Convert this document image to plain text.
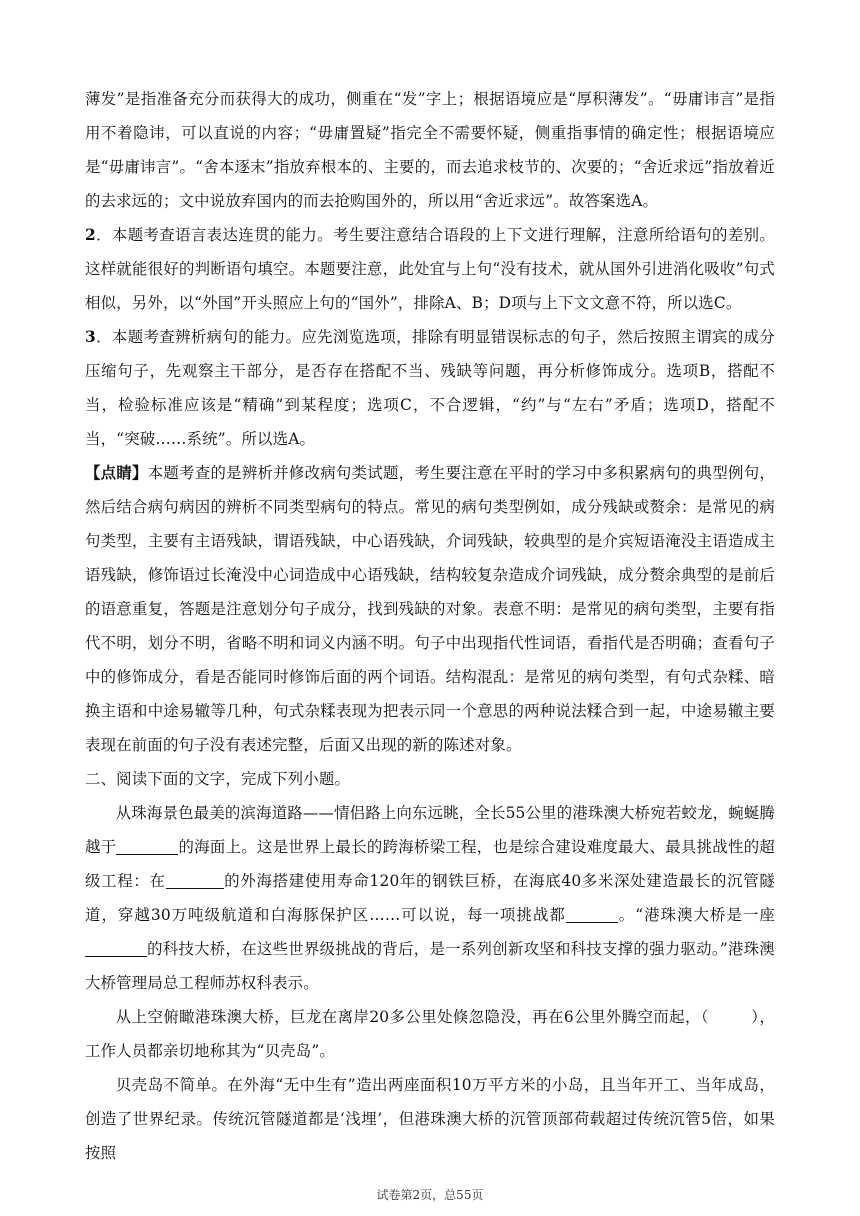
薄发”是指准备充分而获得大的成功，侧重在“发”字上；根据语境应是“厚积薄发”。“毋庸讳言”是指用不着隐讳，可以直说的内容；“毋庸置疑”指完全不需要怀疑，侧重指事情的确定性；根据语境应是“毋庸讳言”。“舍本逐末”指放弃根本的、主要的，而去追求枝节的、次要的；“舍近求远”指放着近的去求远的；文中说放弃国内的而去抢购国外的，所以用“舍近求远”。故答案选A。

2．本题考查语言表达连贯的能力。考生要注意结合语段的上下文进行理解，注意所给语句的差别。这样就能很好的判断语句填空。本题要注意，此处宜与上句“没有技术，就从国外引进消化吸收”句式相似，另外，以“外国”开头照应上句的“国外”，排除A、B；D项与上下文文意不符，所以选C。

3．本题考查辨析病句的能力。应先浏览选项，排除有明显错误标志的句子，然后按照主谓宾的成分压缩句子，先观察主干部分，是否存在搭配不当、残缺等问题，再分析修饰成分。选项B，搭配不当，检验标准应该是“精确”到某程度；选项C，不合逻辑，“约”与“左右”矛盾；选项D，搭配不当，“突破……系统”。所以选A。

【点睛】本题考查的是辨析并修改病句类试题，考生要注意在平时的学习中多积累病句的典型例句，然后结合病句病因的辨析不同类型病句的特点。常见的病句类型例如，成分残缺或赘余：是常见的病句类型，主要有主语残缺，谓语残缺，中心语残缺，介词残缺，较典型的是介宾短语淹没主语造成主语残缺，修饰语过长淹没中心词造成中心语残缺，结构较复杂造成介词残缺，成分赘余典型的是前后的语意重复，答题是注意划分句子成分，找到残缺的对象。表意不明：是常见的病句类型，主要有指代不明，划分不明，省略不明和词义内涵不明。句子中出现指代性词语，看指代是否明确；查看句子中的修饰成分，看是否能同时修饰后面的两个词语。结构混乱：是常见的病句类型，有句式杂糅、暗换主语和中途易辙等几种，句式杂糅表现为把表示同一个意思的两种说法糅合到一起，中途易辙主要表现在前面的句子没有表述完整，后面又出现的新的陈述对象。

二、阅读下面的文字，完成下列小题。

从珠海景色最美的滨海道路——情侣路上向东远眺，全长55公里的港珠澳大桥宛若蛟龙，蜿蜒腾越于	的海面上。这是世界上最长的跨海桥梁工程，也是综合建设难度最大、最具挑战性的超级工程：在	的外海搭建使用寿命120年的钢铁巨桥，在海底40多米深处建造最长的沉管隧道，穿越30万吨级航道和白海豚保护区……可以说，每一项挑战都	。“港珠澳大桥是一座的科技大桥，在这些世界级挑战的背后，是一系列创新攻坚和科技支撑的强力驱动。”港珠澳大桥管理局总工程师苏权科表示。

从上空俯瞰港珠澳大桥，巨龙在离岸20多公里处倏忽隐没，再在6公里外腾空而起，（	），工作人员都亲切地称其为“贝壳岛”。

贝壳岛不简单。在外海“无中生有”造出两座面积10万平方米的小岛，且当年开工、当年成岛，创造了世界纪录。传统沉管隧道都是‘浅埋’，但港珠澳大桥的沉管顶部荷载超过传统沉管5倍，如果按照

试卷第2页，总55页
